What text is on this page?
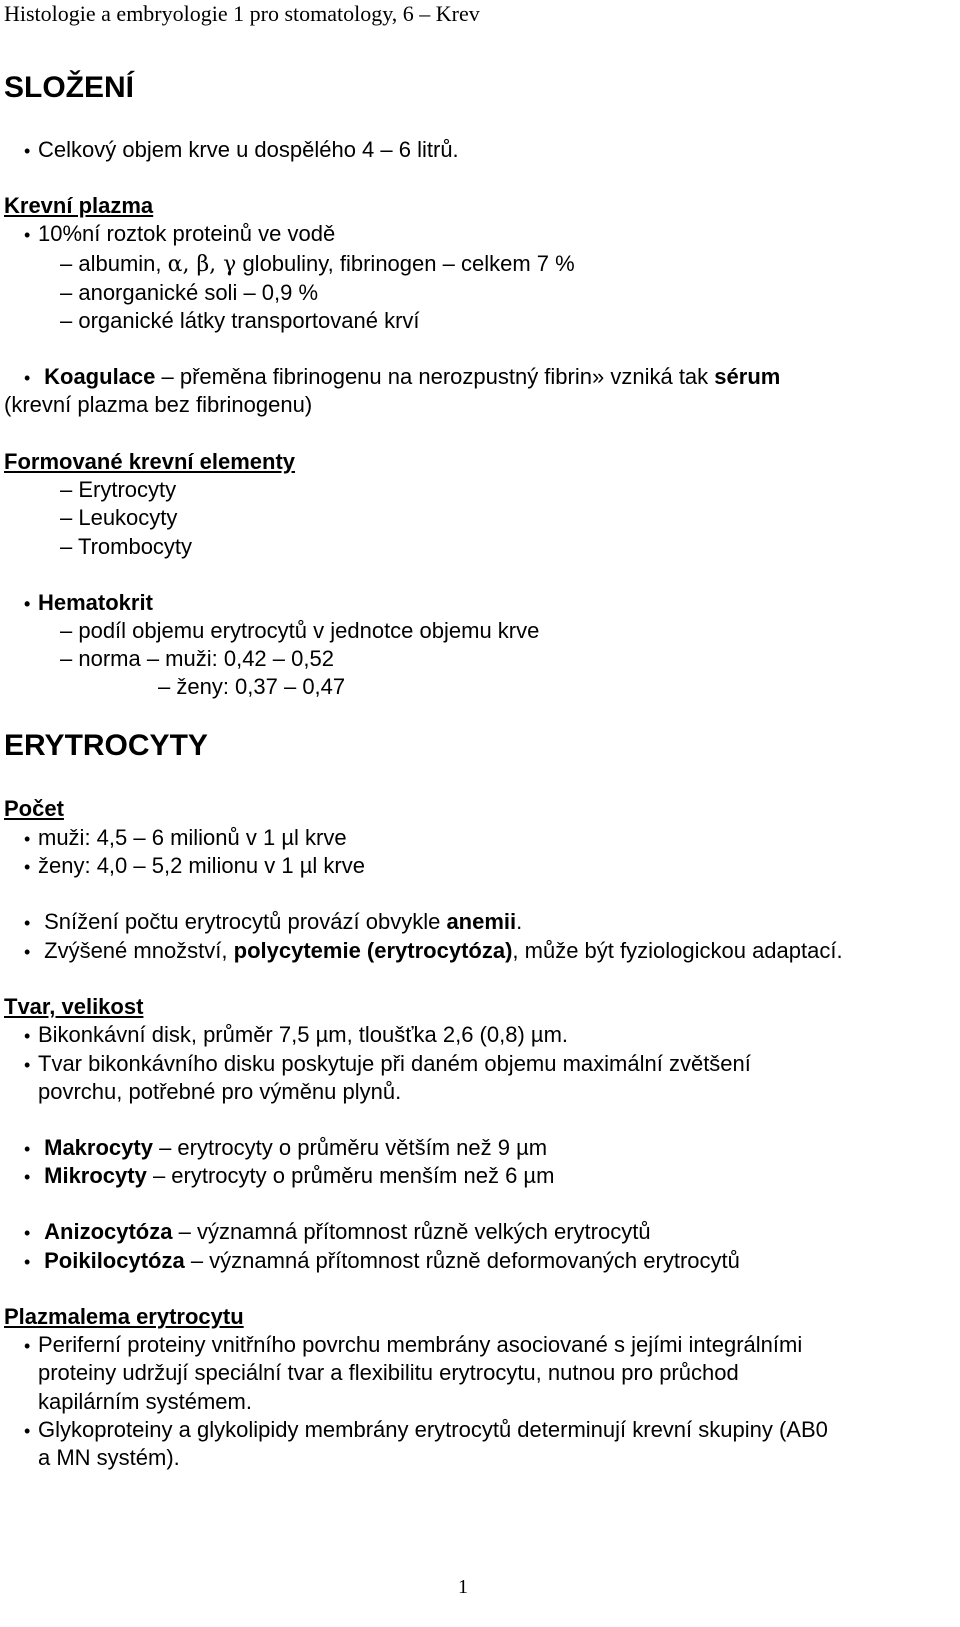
Histologie a embryologie 1 pro stomatology, 6 – Krev
SLOŽENÍ
• Celkový objem krve u dospělého 4 – 6 litrů.
Krevní plazma
• 10%ní roztok proteinů ve vodě
– albumin, α, β, γ globuliny, fibrinogen – celkem 7 %
– anorganické soli – 0,9 %
– organické látky transportované krví
• Koagulace – přeměna fibrinogenu na nerozpustný fibrin» vzniká tak sérum
(krevní plazma bez fibrinogenu)
Formované krevní elementy
– Erytrocyty
– Leukocyty
– Trombocyty
• Hematokrit
– podíl objemu erytrocytů v jednotce objemu krve
– norma – muži: 0,42 – 0,52
– ženy: 0,37 – 0,47
ERYTROCYTY
Počet
• muži: 4,5 – 6 milionů v 1 µl krve
• ženy: 4,0 – 5,2 milionu v 1 µl krve
• Snížení počtu erytrocytů provází obvykle anemii.
• Zvýšené množství, polycytemie (erytrocytóza), může být fyziologickou adaptací.
Tvar, velikost
• Bikonkávní disk, průměr 7,5 µm, tloušťka 2,6 (0,8) µm.
• Tvar bikonkávního disku poskytuje při daném objemu maximální zvětšení
povrchu, potřebné pro výměnu plynů.
• Makrocyty – erytrocyty o průměru větším než 9 µm
• Mikrocyty – erytrocyty o průměru menším než 6 µm
• Anizocytóza – významná přítomnost různě velkých erytrocytů
• Poikilocytóza – významná přítomnost různě deformovaných erytrocytů
Plazmalema erytrocytu
• Periferní proteiny vnitřního povrchu membrány asociované s jejími integrálními
proteiny udržují speciální tvar a flexibilitu erytrocytu, nutnou pro průchod
kapilárním systémem.
• Glykoproteiny a glykolipidy membrány erytrocytů determinují krevní skupiny (AB0
a MN systém).
1
